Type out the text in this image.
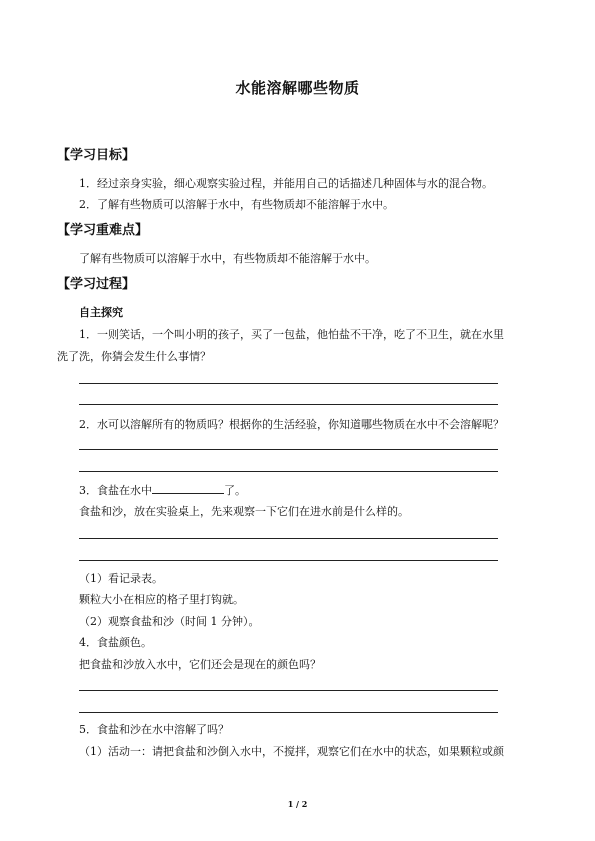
水能溶解哪些物质
【学习目标】
1．经过亲身实验，细心观察实验过程，并能用自己的话描述几种固体与水的混合物。
2．了解有些物质可以溶解于水中，有些物质却不能溶解于水中。
【学习重难点】
了解有些物质可以溶解于水中，有些物质却不能溶解于水中。
【学习过程】
自主探究
1．一则笑话，一个叫小明的孩子，买了一包盐，他怕盐不干净，吃了不卫生，就在水里
洗了洗，你猜会发生什么事情？
2．水可以溶解所有的物质吗？根据你的生活经验，你知道哪些物质在水中不会溶解呢？
3．食盐在水中	了。
食盐和沙，放在实验桌上，先来观察一下它们在进水前是什么样的。
（1）看记录表。
颗粒大小在相应的格子里打钩就。
（2）观察食盐和沙（时间 1 分钟）。
4．食盐颜色。
把食盐和沙放入水中，它们还会是现在的颜色吗？
5．食盐和沙在水中溶解了吗？
（1）活动一：请把食盐和沙倒入水中，不搅拌，观察它们在水中的状态，如果颗粒或颜
1 / 2
